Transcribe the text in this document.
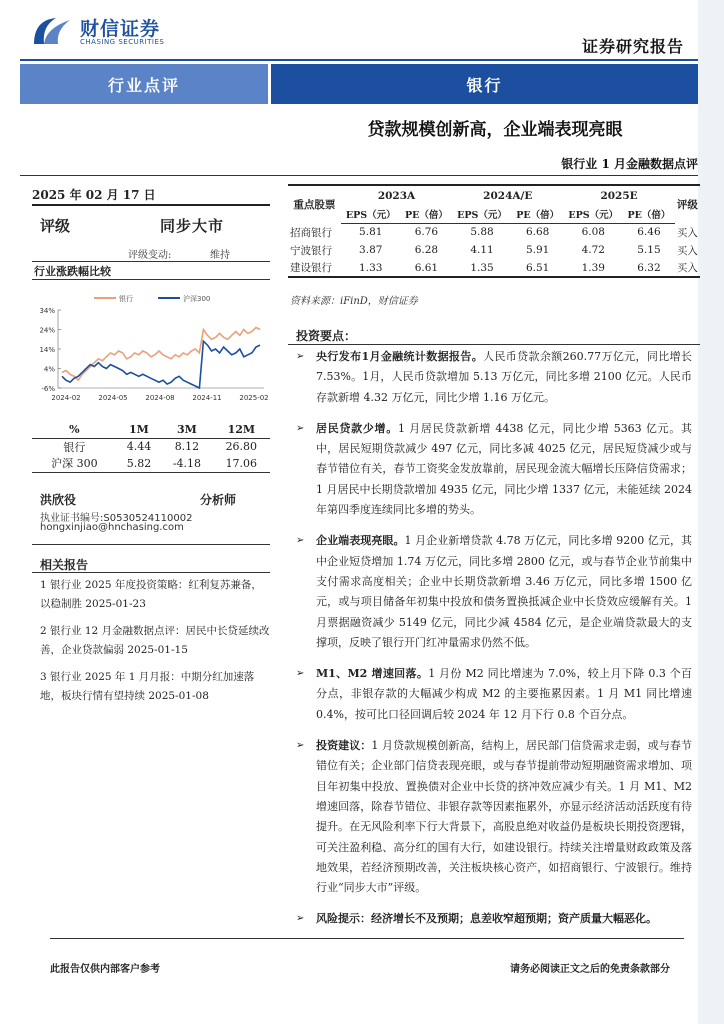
财信证券
CHASING SECURITIES	证券研究报告
行业点评	银行
贷款规模创新高，企业端表现亮眼
银行业 1 月金融数据点评
2025 年 02 月 17 日
评级	同步大市
评级变动:	维持
行业涨跌幅比较
34%
24%
14%
4%
-6%
2024-02	2024-05	2024-08	2024-11	2025-02
银行	沪深300
%	1M	3M	12M
银行	4.44	8.12	26.80
沪深 300	5.82	-4.18	17.06
洪欣役	分析师
执业证书编号:S0530524110002
hongxinjiao@hnchasing.com
相关报告
1 银行业 2025 年度投资策略：红利复苏兼备，以稳制胜 2025-01-23
2 银行业 12 月金融数据点评：居民中长贷延续改善，企业贷款偏弱 2025-01-15
3 银行业 2025 年 1 月月报：中期分红加速落地，板块行情有望持续 2025-01-08
重点股票	2023A		2024A/E		2025E		评级
	EPS（元）	PE（倍）	EPS（元）	PE（倍）	EPS（元）	PE（倍）	
招商银行	5.81	6.76	5.88	6.68	6.08	6.46	买入
宁波银行	3.87	6.28	4.11	5.91	4.72	5.15	买入
建设银行	1.33	6.61	1.35	6.51	1.39	6.32	买入
资料来源：iFinD，财信证券
投资要点：
➢ 央行发布1月金融统计数据报告。人民币贷款余额260.77万亿元，同比增长 7.53%。1月，人民币贷款增加 5.13 万亿元，同比多增 2100 亿元。人民币存款新增 4.32 万亿元，同比少增 1.16 万亿元。
➢ 居民贷款少增。1 月居民贷款新增 4438 亿元，同比少增 5363 亿元。其中，居民短期贷款减少 497 亿元，同比多减 4025 亿元，居民短贷减少或与春节错位有关，春节工资奖金发放靠前，居民现金流大幅增长压降信贷需求；1 月居民中长期贷款增加 4935 亿元，同比少增 1337 亿元，未能延续 2024 年第四季度连续同比多增的势头。
➢ 企业端表现亮眼。1 月企业新增贷款 4.78 万亿元，同比多增 9200 亿元，其中企业短贷增加 1.74 万亿元，同比多增 2800 亿元，或与春节企业节前集中支付需求高度相关；企业中长期贷款新增 3.46 万亿元，同比多增 1500 亿元，或与项目储备年初集中投放和债务置换抵减企业中长贷效应缓解有关。1 月票据融资减少 5149 亿元，同比少减 4584 亿元，是企业端贷款最大的支撑项，反映了银行开门红冲量需求仍然不低。
➢ M1、M2 增速回落。1 月份 M2 同比增速为 7.0%，较上月下降 0.3 个百分点，非银存款的大幅减少构成 M2 的主要拖累因素。1 月 M1 同比增速 0.4%，按可比口径回调后较 2024 年 12 月下行 0.8 个百分点。
➢ 投资建议：1 月贷款规模创新高，结构上，居民部门信贷需求走弱，或与春节错位有关；企业部门信贷表现亮眼，或与春节提前带动短期融资需求增加、项目年初集中投放、置换债对企业中长贷的挤冲效应减少有关。1 月 M1、M2 增速回落，除春节错位、非银存款等因素拖累外，亦显示经济活动活跃度有待提升。在无风险利率下行大背景下，高股息绝对收益仍是板块长期投资逻辑，可关注盈利稳、高分红的国有大行，如建设银行。持续关注增量财政政策及落地效果，若经济预期改善，关注板块核心资产，如招商银行、宁波银行。维持行业“同步大市”评级。
➢ 风险提示：经济增长不及预期；息差收窄超预期；资产质量大幅恶化。
此报告仅供内部客户参考	请务必阅读正文之后的免责条款部分
